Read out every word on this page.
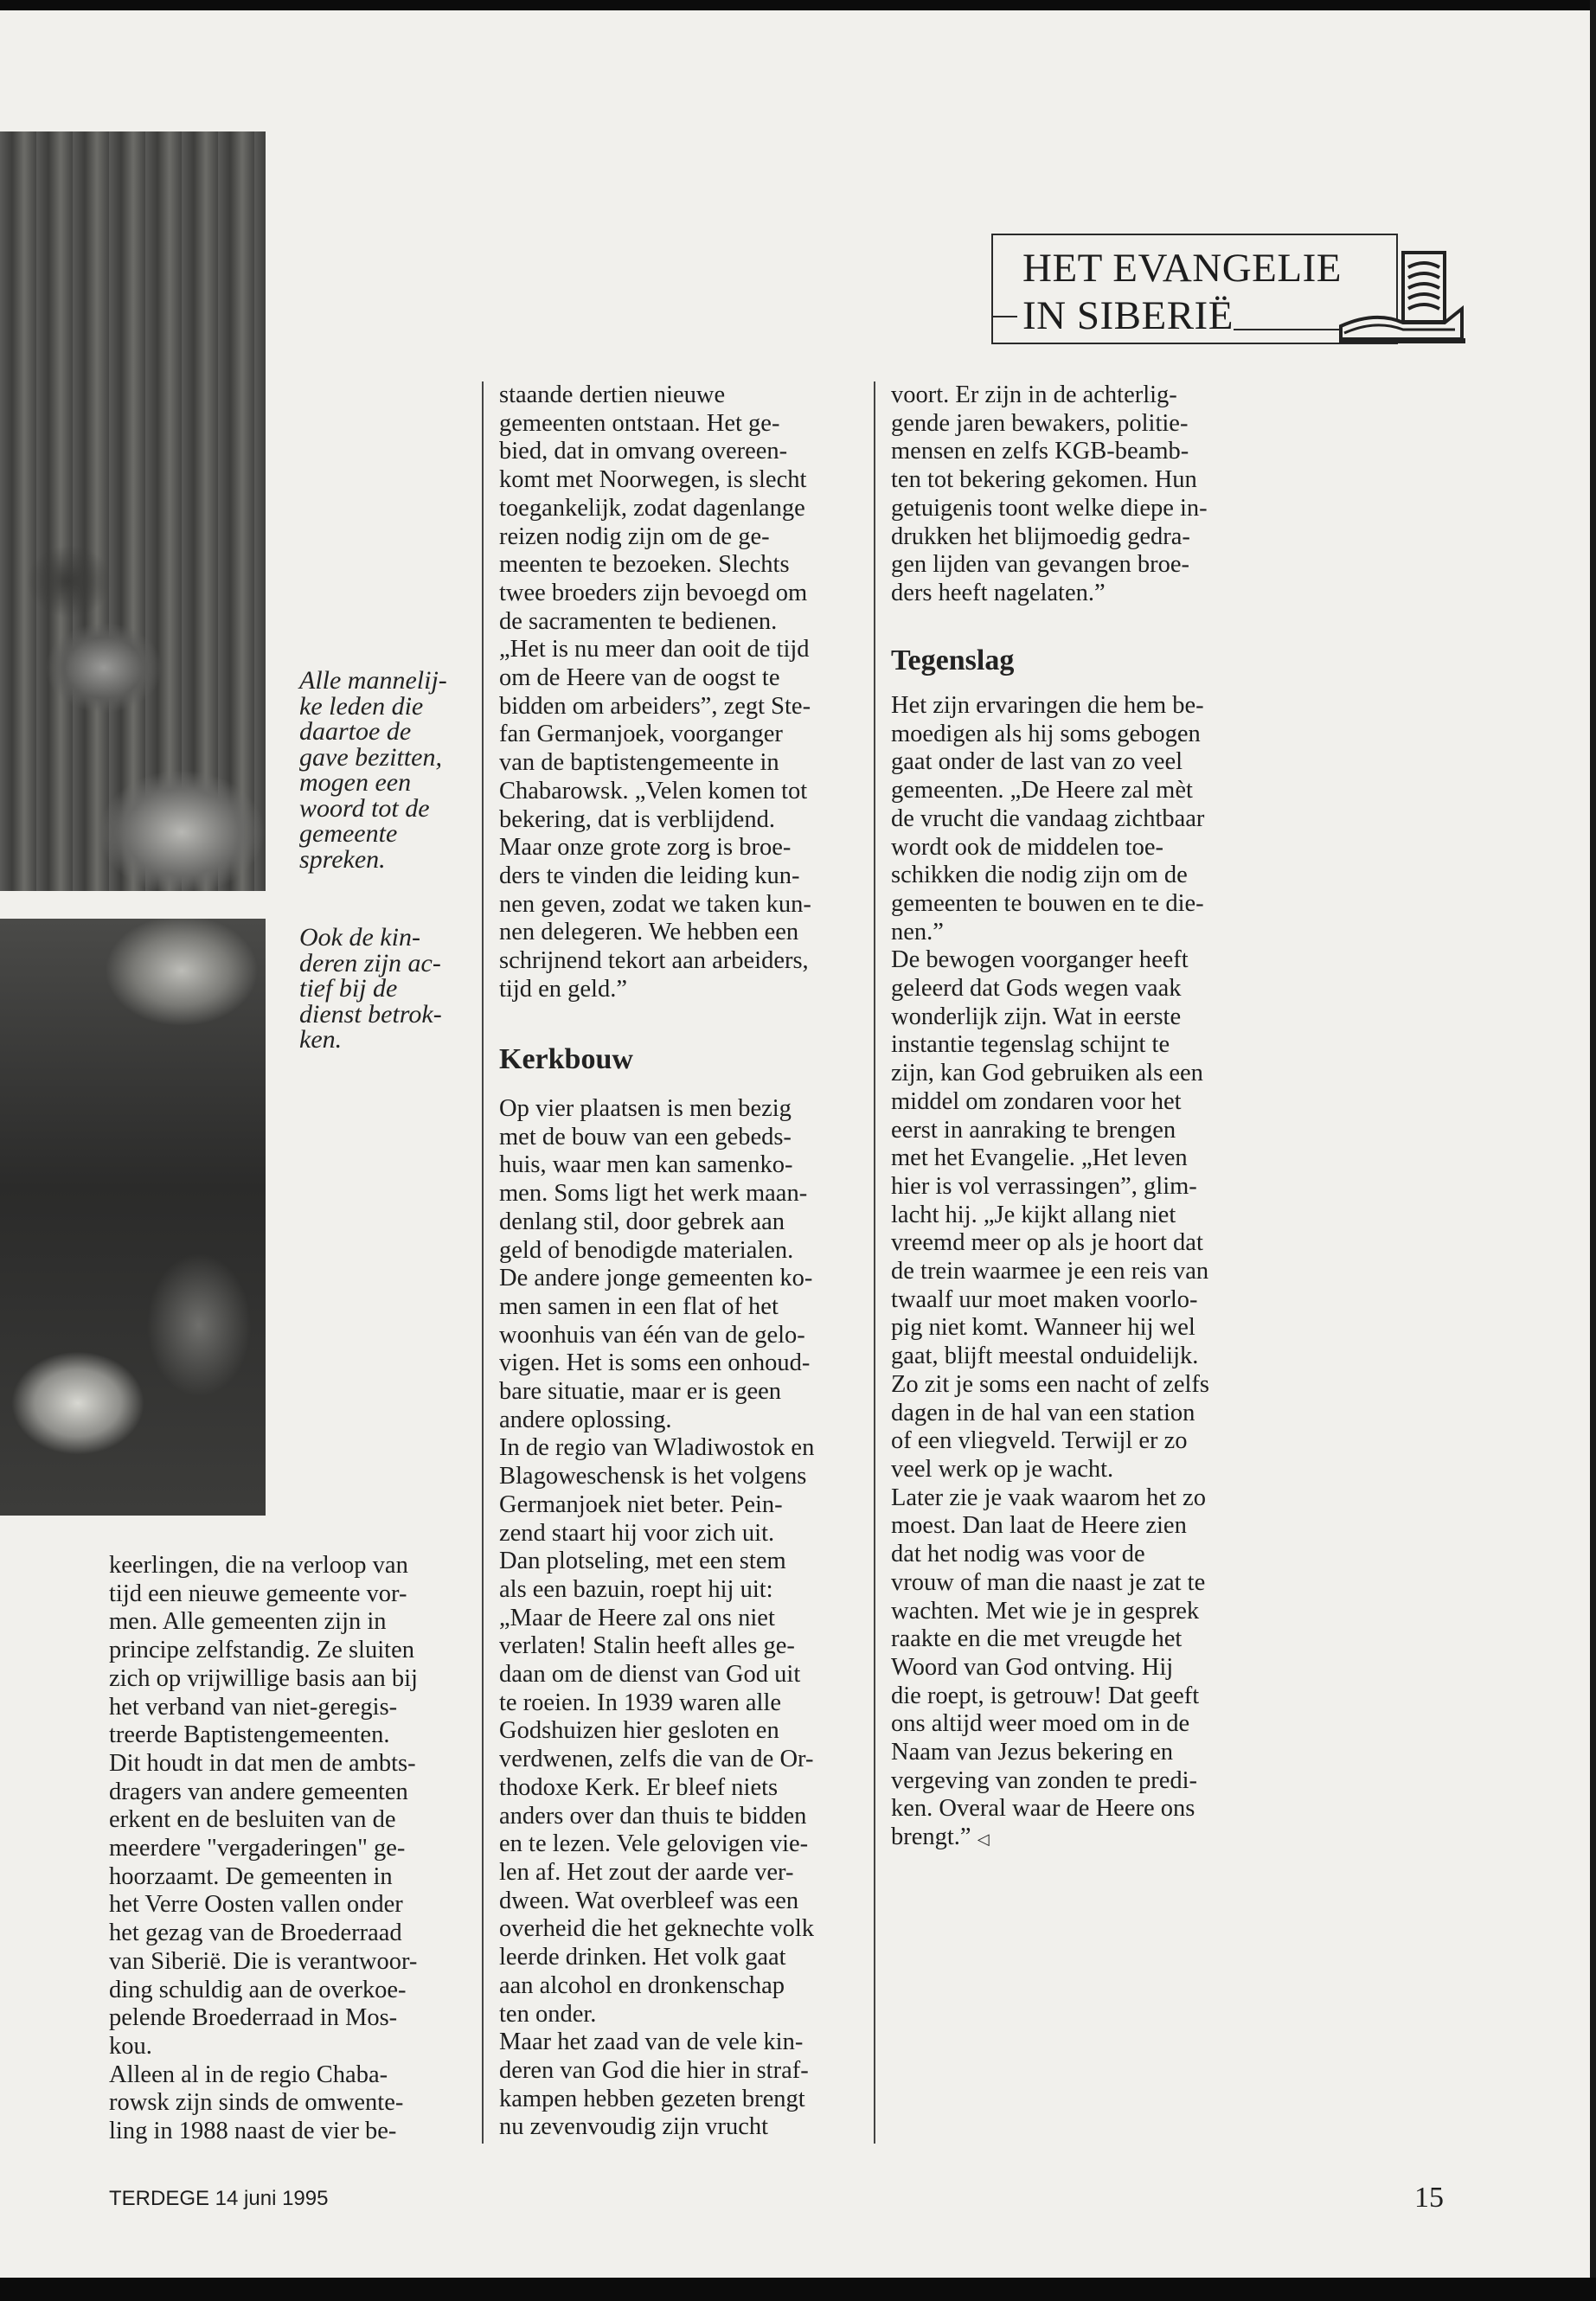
Alle mannelij-
ke leden die
daartoe de
gave bezitten,
mogen een
woord tot de
gemeente
spreken.
Ook de kin-
deren zijn ac-
tief bij de
dienst betrok-
ken.
HET EVANGELIE
IN SIBERIË
keerlingen, die na verloop van
tijd een nieuwe gemeente vor-
men. Alle gemeenten zijn in
principe zelfstandig. Ze sluiten
zich op vrijwillige basis aan bij
het verband van niet-geregis-
treerde Baptistengemeenten.
Dit houdt in dat men de ambts-
dragers van andere gemeenten
erkent en de besluiten van de
meerdere "vergaderingen" ge-
hoorzaamt. De gemeenten in
het Verre Oosten vallen onder
het gezag van de Broederraad
van Siberië. Die is verantwoor-
ding schuldig aan de overkoe-
pelende Broederraad in Mos-
kou.
Alleen al in de regio Chaba-
rowsk zijn sinds de omwente-
ling in 1988 naast de vier be-
staande dertien nieuwe
gemeenten ontstaan. Het ge-
bied, dat in omvang overeen-
komt met Noorwegen, is slecht
toegankelijk, zodat dagenlange
reizen nodig zijn om de ge-
meenten te bezoeken. Slechts
twee broeders zijn bevoegd om
de sacramenten te bedienen.
„Het is nu meer dan ooit de tijd
om de Heere van de oogst te
bidden om arbeiders”, zegt Ste-
fan Germanjoek, voorganger
van de baptistengemeente in
Chabarowsk. „Velen komen tot
bekering, dat is verblijdend.
Maar onze grote zorg is broe-
ders te vinden die leiding kun-
nen geven, zodat we taken kun-
nen delegeren. We hebben een
schrijnend tekort aan arbeiders,
tijd en geld.”
Kerkbouw
Op vier plaatsen is men bezig
met de bouw van een gebeds-
huis, waar men kan samenko-
men. Soms ligt het werk maan-
denlang stil, door gebrek aan
geld of benodigde materialen.
De andere jonge gemeenten ko-
men samen in een flat of het
woonhuis van één van de gelo-
vigen. Het is soms een onhoud-
bare situatie, maar er is geen
andere oplossing.
In de regio van Wladiwostok en
Blagoweschensk is het volgens
Germanjoek niet beter. Pein-
zend staart hij voor zich uit.
Dan plotseling, met een stem
als een bazuin, roept hij uit:
„Maar de Heere zal ons niet
verlaten! Stalin heeft alles ge-
daan om de dienst van God uit
te roeien. In 1939 waren alle
Godshuizen hier gesloten en
verdwenen, zelfs die van de Or-
thodoxe Kerk. Er bleef niets
anders over dan thuis te bidden
en te lezen. Vele gelovigen vie-
len af. Het zout der aarde ver-
dween. Wat overbleef was een
overheid die het geknechte volk
leerde drinken. Het volk gaat
aan alcohol en dronkenschap
ten onder.
Maar het zaad van de vele kin-
deren van God die hier in straf-
kampen hebben gezeten brengt
nu zevenvoudig zijn vrucht
voort. Er zijn in de achterlig-
gende jaren bewakers, politie-
mensen en zelfs KGB-beamb-
ten tot bekering gekomen. Hun
getuigenis toont welke diepe in-
drukken het blijmoedig gedra-
gen lijden van gevangen broe-
ders heeft nagelaten.”
Tegenslag
Het zijn ervaringen die hem be-
moedigen als hij soms gebogen
gaat onder de last van zo veel
gemeenten. „De Heere zal mèt
de vrucht die vandaag zichtbaar
wordt ook de middelen toe-
schikken die nodig zijn om de
gemeenten te bouwen en te die-
nen.”
De bewogen voorganger heeft
geleerd dat Gods wegen vaak
wonderlijk zijn. Wat in eerste
instantie tegenslag schijnt te
zijn, kan God gebruiken als een
middel om zondaren voor het
eerst in aanraking te brengen
met het Evangelie. „Het leven
hier is vol verrassingen”, glim-
lacht hij. „Je kijkt allang niet
vreemd meer op als je hoort dat
de trein waarmee je een reis van
twaalf uur moet maken voorlo-
pig niet komt. Wanneer hij wel
gaat, blijft meestal onduidelijk.
Zo zit je soms een nacht of zelfs
dagen in de hal van een station
of een vliegveld. Terwijl er zo
veel werk op je wacht.
Later zie je vaak waarom het zo
moest. Dan laat de Heere zien
dat het nodig was voor de
vrouw of man die naast je zat te
wachten. Met wie je in gesprek
raakte en die met vreugde het
Woord van God ontving. Hij
die roept, is getrouw! Dat geeft
ons altijd weer moed om in de
Naam van Jezus bekering en
vergeving van zonden te predi-
ken. Overal waar de Heere ons
brengt.” ◁
TERDEGE 14 juni 1995	15
